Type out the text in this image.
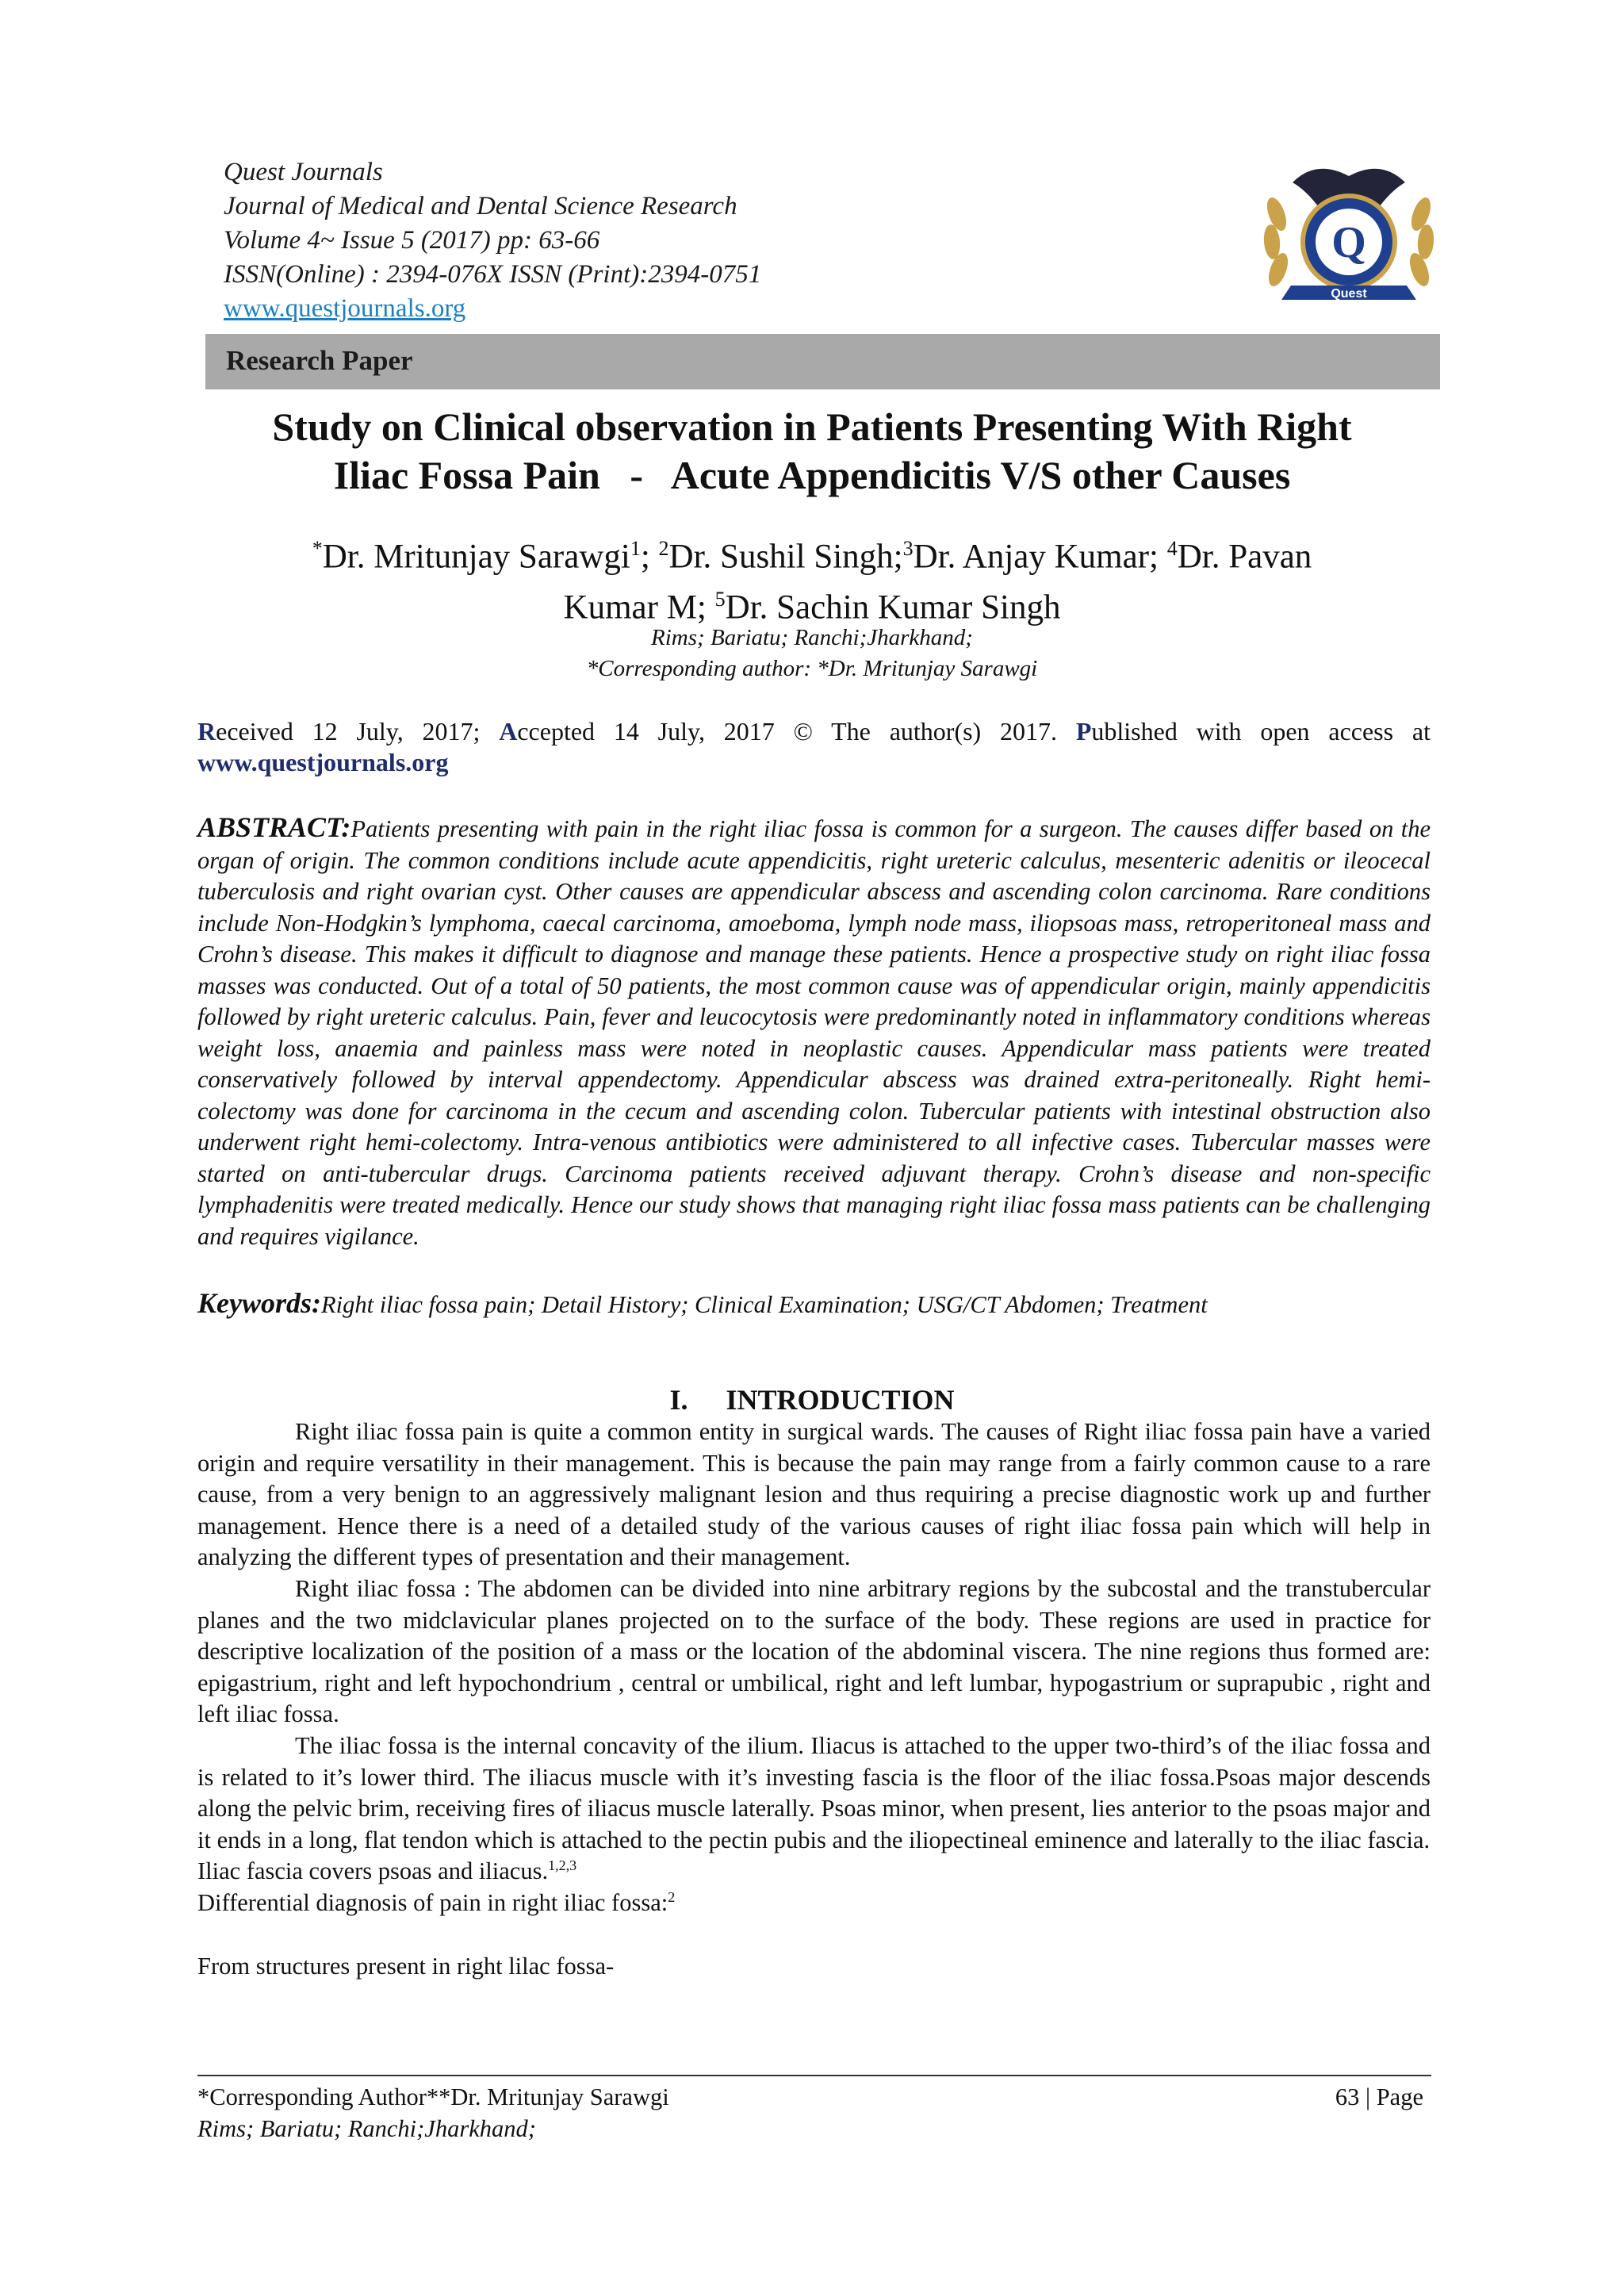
Quest Journals
Journal of Medical and Dental Science Research
Volume 4~ Issue 5 (2017) pp: 63-66
ISSN(Online) : 2394-076X ISSN (Print):2394-0751
www.questjournals.org
Q
Quest
Research Paper
Study on Clinical observation in Patients Presenting With Right
Iliac Fossa Pain   -   Acute Appendicitis V/S other Causes
*Dr. Mritunjay Sarawgi$^1$; $^2$Dr. Sushil Singh;$^3$Dr. Anjay Kumar; $^4$Dr. Pavan
Kumar M; $^5$Dr. Sachin Kumar Singh
Rims; Bariatu; Ranchi;Jharkhand;
*Corresponding author: *Dr. Mritunjay Sarawgi
Received 12 July, 2017; Accepted 14 July, 2017 © The author(s) 2017. Published with open access at
www.questjournals.org
ABSTRACT:Patients presenting with pain in the right iliac fossa is common for a surgeon. The causes differ based on the organ of origin. The common conditions include acute appendicitis, right ureteric calculus, mesenteric adenitis or ileocecal tuberculosis and right ovarian cyst. Other causes are appendicular abscess and ascending colon carcinoma. Rare conditions include Non-Hodgkin’s lymphoma, caecal carcinoma, amoeboma, lymph node mass, iliopsoas mass, retroperitoneal mass and Crohn’s disease. This makes it difficult to diagnose and manage these patients. Hence a prospective study on right iliac fossa masses was conducted. Out of a total of 50 patients, the most common cause was of appendicular origin, mainly appendicitis followed by right ureteric calculus. Pain, fever and leucocytosis were predominantly noted in inflammatory conditions whereas weight loss, anaemia and painless mass were noted in neoplastic causes. Appendicular mass patients were treated conservatively followed by interval appendectomy. Appendicular abscess was drained extra-peritoneally. Right hemi-colectomy was done for carcinoma in the cecum and ascending colon. Tubercular patients with intestinal obstruction also underwent right hemi-colectomy. Intra-venous antibiotics were administered to all infective cases. Tubercular masses were started on anti-tubercular drugs. Carcinoma patients received adjuvant therapy. Crohn’s disease and non-specific lymphadenitis were treated medically. Hence our study shows that managing right iliac fossa mass patients can be challenging and requires vigilance.
Keywords:Right iliac fossa pain; Detail History; Clinical Examination; USG/CT Abdomen; Treatment
I. INTRODUCTION

Right iliac fossa pain is quite a common entity in surgical wards. The causes of Right iliac fossa pain have a varied origin and require versatility in their management. This is because the pain may range from a fairly common cause to a rare cause, from a very benign to an aggressively malignant lesion and thus requiring a precise diagnostic work up and further management. Hence there is a need of a detailed study of the various causes of right iliac fossa pain which will help in analyzing the different types of presentation and their management.

Right iliac fossa : The abdomen can be divided into nine arbitrary regions by the subcostal and the transtubercular planes and the two midclavicular planes projected on to the surface of the body. These regions are used in practice for descriptive localization of the position of a mass or the location of the abdominal viscera. The nine regions thus formed are: epigastrium, right and left hypochondrium , central or umbilical, right and left lumbar, hypogastrium or suprapubic , right and left iliac fossa.

The iliac fossa is the internal concavity of the ilium. Iliacus is attached to the upper two-third’s of the iliac fossa and is related to it’s lower third. The iliacus muscle with it’s investing fascia is the floor of the iliac fossa.Psoas major descends along the pelvic brim, receiving fires of iliacus muscle laterally. Psoas minor, when present, lies anterior to the psoas major and it ends in a long, flat tendon which is attached to the pectin pubis and the iliopectineal eminence and laterally to the iliac fascia.

Iliac fascia covers psoas and iliacus.$^{1,2,3}$

Differential diagnosis of pain in right iliac fossa:$^2$

From structures present in right lilac fossa-

*Corresponding Author**Dr. Mritunjay Sarawgi
Rims; Bariatu; Ranchi;Jharkhand;
63 | Page
